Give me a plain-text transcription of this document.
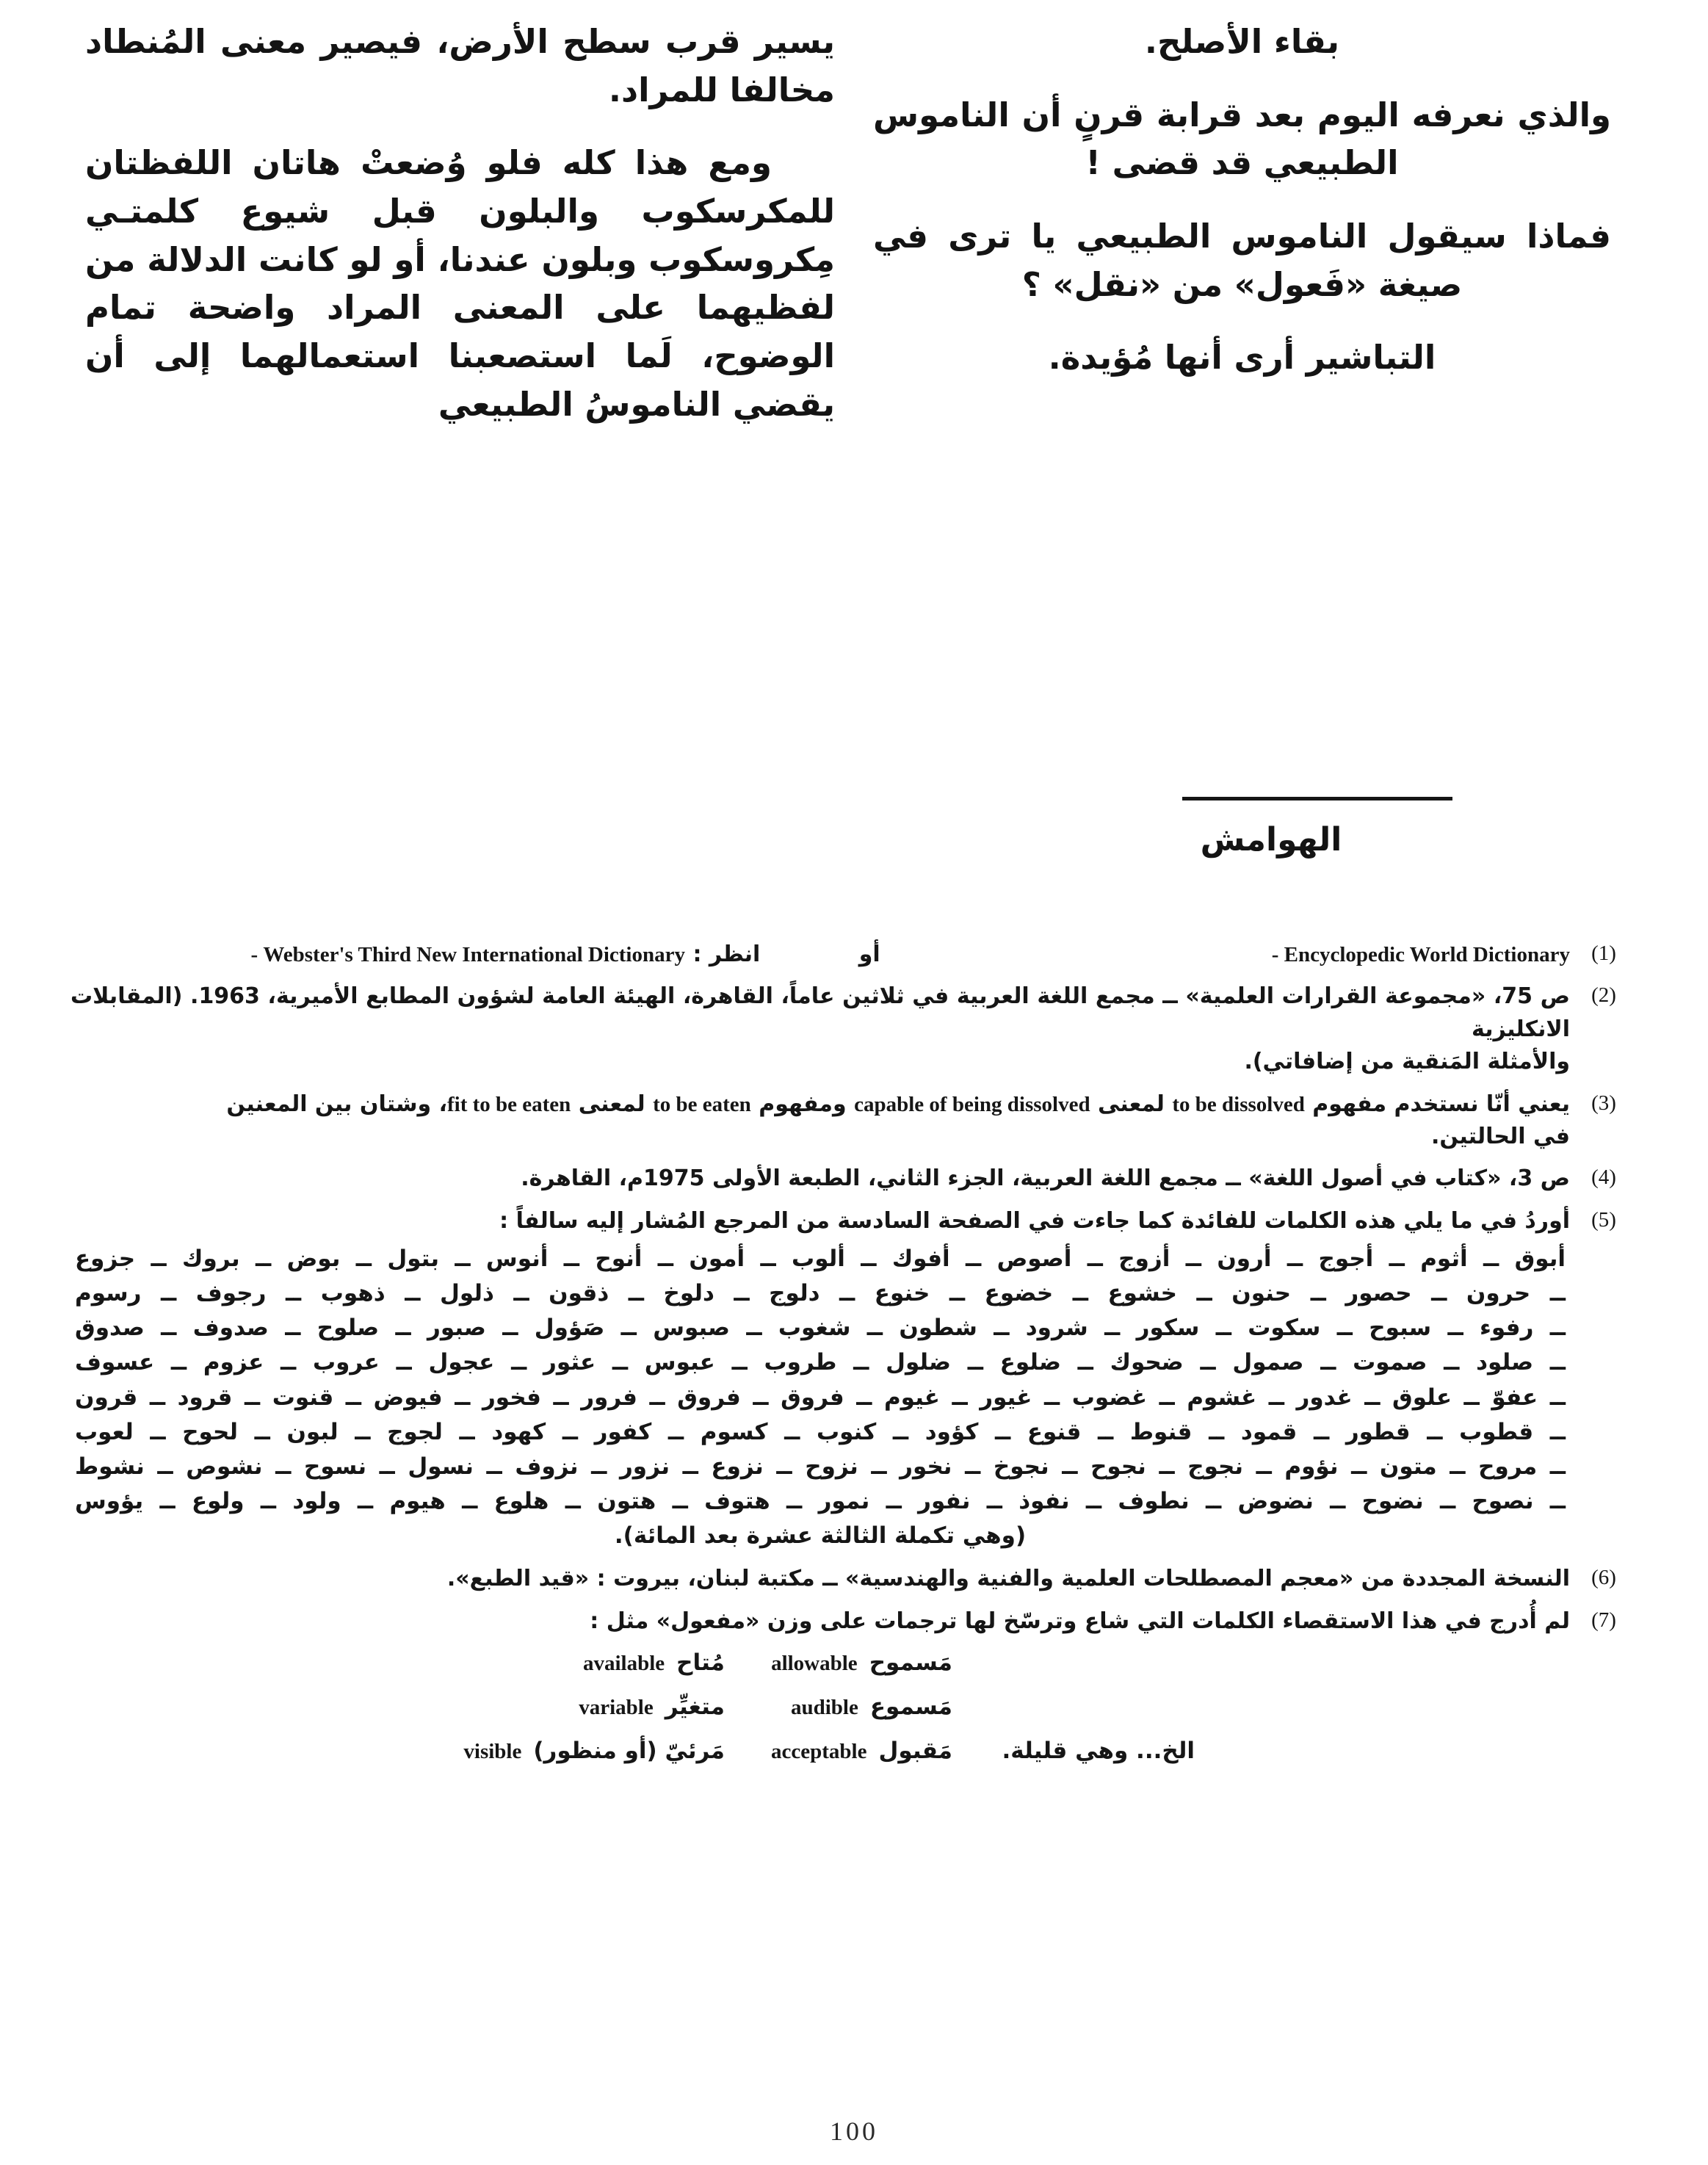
بقاء الأصلح.

والذي نعرفه اليوم بعد قرابة قرنٍ أن الناموس الطبيعي قد قضى !

فماذا سيقول الناموس الطبيعي يا ترى في صيغة «فَعول» من «نقل» ؟

التباشير أرى أنها مُؤيدة.

يسير قرب سطح الأرض، فيصير معنى المُنطاد مخالفا للمراد.

ومع هذا كله فلو وُضعتْ هاتان اللفظتان للمكرسكوب والبلون قبل شيوع كلمتـي مِكروسكوب وبلون عندنا، أو لو كانت الدلالة من لفظيهما على المعنى المراد واضحة تمام الوضوح، لَما استصعبنا استعمالهما إلى أن يقضي الناموسُ الطبيعي

الهوامش
(1)
انظر : - Webster's Third New International Dictionary	أو	- Encyclopedic World Dictionary
(2)
ص 75، «مجموعة القرارات العلمية» ــ مجمع اللغة العربية في ثلاثين عاماً، القاهرة، الهيئة العامة لشؤون المطابع الأميرية، 1963. (المقابلات الانكليزية
والأمثلة المَنقية من إضافاتي).
(3)
يعني أنّا نستخدم مفهوم to be dissolved لمعنى capable of being dissolved ومفهوم to be eaten لمعنى fit to be eaten، وشتان بين المعنين
في الحالتين.
(4)
ص 3، «كتاب في أصول اللغة» ــ مجمع اللغة العربية، الجزء الثاني، الطبعة الأولى 1975م، القاهرة.
(5)
أوردُ في ما يلي هذه الكلمات للفائدة كما جاءت في الصفحة السادسة من المرجع المُشار إليه سالفاً :
أبوق ــ أثوم ــ أجوج ــ أرون ــ أزوج ــ أصوص ــ أفوك ــ ألوب ــ أمون ــ أنوح ــ أنوس ــ بتول ــ بوض ــ بروك ــ جزوع
ــ حرون ــ حصور ــ حنون ــ خشوع ــ خضوع ــ خنوع ــ دلوج ــ دلوخ ــ ذقون ــ ذلول ــ ذهوب ــ رجوف ــ رسوم
ــ رفوء ــ سبوح ــ سكوت ــ سكور ــ شرود ــ شطون ــ شغوب ــ صبوس ــ صَؤول ــ صبور ــ صلوح ــ صدوف ــ صدوق
ــ صلود ــ صموت ــ صمول ــ ضحوك ــ ضلوع ــ ضلول ــ طروب ــ عبوس ــ عثور ــ عجول ــ عروب ــ عزوم ــ عسوف
ــ عفوّ ــ علوق ــ غدور ــ غشوم ــ غضوب ــ غيور ــ غيوم ــ فروق ــ فروق ــ فرور ــ فخور ــ فيوض ــ قنوت ــ قرود ــ قرون
ــ قطوب ــ قطور ــ قمود ــ قنوط ــ قنوع ــ كؤود ــ كنوب ــ كسوم ــ كفور ــ كهود ــ لجوج ــ لبون ــ لحوح ــ لعوب
ــ مروح ــ متون ــ نؤوم ــ نجوج ــ نجوح ــ نجوخ ــ نخور ــ نزوح ــ نزوع ــ نزور ــ نزوف ــ نسول ــ نسوح ــ نشوص ــ نشوط
ــ نصوح ــ نضوح ــ نضوض ــ نطوف ــ نفوذ ــ نفور ــ نمور ــ هتوف ــ هتون ــ هلوع ــ هيوم ــ ولود ــ ولوع ــ يؤوس
(وهي تكملة الثالثة عشرة بعد المائة).
(6)
النسخة المجددة من «معجم المصطلحات العلمية والفنية والهندسية» ــ مكتبة لبنان، بيروت : «قيد الطبع».
(7)
لم أُدرج في هذا الاستقصاء الكلمات التي شاع وترسّخ لها ترجمات على وزن «مفعول» مثل :
مَسموح
allowable
مُتاح
available
مَسموع
audible
متغيِّر
variable
الخ... وهي قليلة.
مَقبول
acceptable
مَرئيّ (أو منظور)
visible
100
